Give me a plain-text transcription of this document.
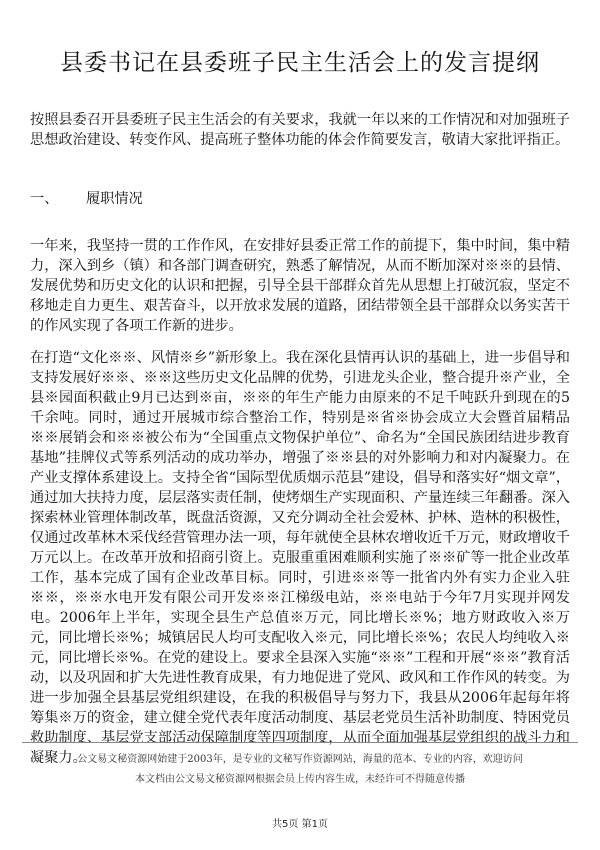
县委书记在县委班子民主生活会上的发言提纲

按照县委召开县委班子民主生活会的有关要求，我就一年以来的工作情况和对加强班子思想政治建设、转变作风、提高班子整体功能的体会作简要发言，敬请大家批评指正。

一、 履职情况

一年来，我坚持一贯的工作作风，在安排好县委正常工作的前提下，集中时间，集中精力，深入到乡（镇）和各部门调查研究，熟悉了解情况，从而不断加深对※※的县情、发展优势和历史文化的认识和把握，引导全县干部群众首先从思想上打破沉寂，坚定不移地走自力更生、艰苦奋斗，以开放求发展的道路，团结带领全县干部群众以务实苦干的作风实现了各项工作新的进步。

在打造“文化※※、风情※乡”新形象上。我在深化县情再认识的基础上，进一步倡导和支持发展好※※、※※这些历史文化品牌的优势，引进龙头企业，整合提升※产业，全县※园面积截止9月已达到※亩，※※的年生产能力由原来的不足千吨跃升到现在的5千余吨。同时，通过开展城市综合整治工作，特别是※省※协会成立大会暨首届精品※※展销会和※※被公布为“全国重点文物保护单位”、命名为“全国民族团结进步教育基地”挂牌仪式等系列活动的成功举办，增强了※※县的对外影响力和对内凝聚力。在产业支撑体系建设上。支持全省“国际型优质烟示范县”建设，倡导和落实好“烟文章”，通过加大扶持力度，层层落实责任制，使烤烟生产实现面积、产量连续三年翻番。深入探索林业管理体制改革，既盘活资源，又充分调动全社会爱林、护林、造林的积极性，仅通过改革林木采伐经营管理办法一项，每年就使全县林农增收近千万元，财政增收千万元以上。在改革开放和招商引资上。克服重重困难顺利实施了※※矿等一批企业改革工作，基本完成了国有企业改革目标。同时，引进※※等一批省内外有实力企业入驻※※，※※水电开发有限公司开发※※江梯级电站，※※电站于今年7月实现并网发电。2006年上半年，实现全县生产总值※万元，同比增长※%；地方财政收入※万元，同比增长※%；城镇居民人均可支配收入※元，同比增长※%；农民人均纯收入※元，同比增长※%。在党的建设上。要求全县深入实施“※※”工程和开展“※※”教育活动，以及巩固和扩大先进性教育成果，有力地促进了党风、政风和工作作风的转变。为进一步加强全县基层党组织建设，在我的积极倡导与努力下，我县从2006年起每年将筹集※万的资金，建立健全党代表年度活动制度、基层老党员生活补助制度、特困党员救助制度、基层党支部活动保障制度等四项制度，从而全面加强基层党组织的战斗力和凝聚力。

公文易文秘资源网始建于2003年，是专业的文秘写作资源网站，海量的范本、专业的内容，欢迎访问

本文档由公文易文秘资源网根据会员上传内容生成，未经许可不得随意传播

共5页 第1页
